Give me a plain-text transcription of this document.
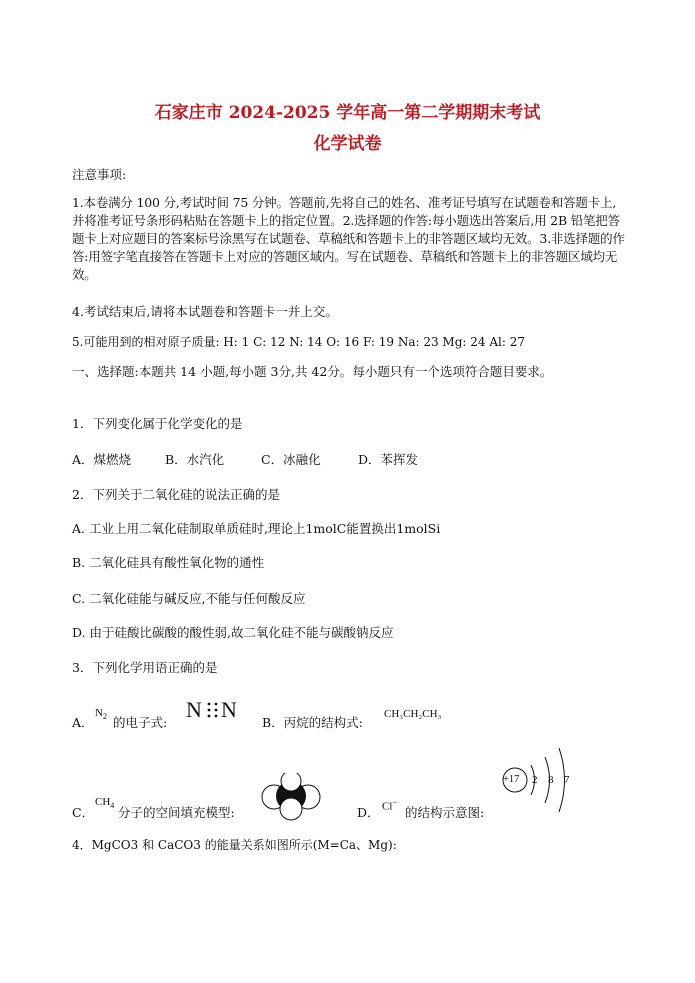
石家庄市 2024-2025 学年高一第二学期期末考试
化学试卷
注意事项:
1.本卷满分 100 分,考试时间 75 分钟。答题前,先将自己的姓名、准考证号填写在试题卷和答题卡上,并将准考证号条形码粘贴在答题卡上的指定位置。2.选择题的作答:每小题选出答案后,用 2B 铅笔把答题卡上对应题目的答案标号涂黑写在试题卷、草稿纸和答题卡上的非答题区域均无效。3.非选择题的作答:用签字笔直接答在答题卡上对应的答题区域内。写在试题卷、草稿纸和答题卡上的非答题区域均无效。
4.考试结束后,请将本试题卷和答题卡一并上交。
5.可能用到的相对原子质量: H: 1 C: 12 N: 14 O: 16 F: 19 Na: 23 Mg: 24 Al: 27
一、选择题:本题共 14 小题,每小题 3分,共 42分。每小题只有一个选项符合题目要求。
1．下列变化属于化学变化的是
A．煤燃烧	B．水汽化	C．冰融化	D．苯挥发
2．下列关于二氧化硅的说法正确的是
A. 工业上用二氧化硅制取单质硅时,理论上1molC能置换出1molSi
B. 二氧化硅具有酸性氧化物的通性
C. 二氧化硅能与碱反应,不能与任何酸反应
D. 由于硅酸比碳酸的酸性弱,故二氧化硅不能与碳酸钠反应
3．下列化学用语正确的是
A．
$N_2$ 的电子式:
N N
B．丙烷的结构式:
CH₃CH₂CH₃
C．
$CH_4$ 分子的空间填充模型:	D． Cl−
的结构示意图:
+17 2 8 7
4．MgCO3 和 CaCO3 的能量关系如图所示(M=Ca、Mg):
